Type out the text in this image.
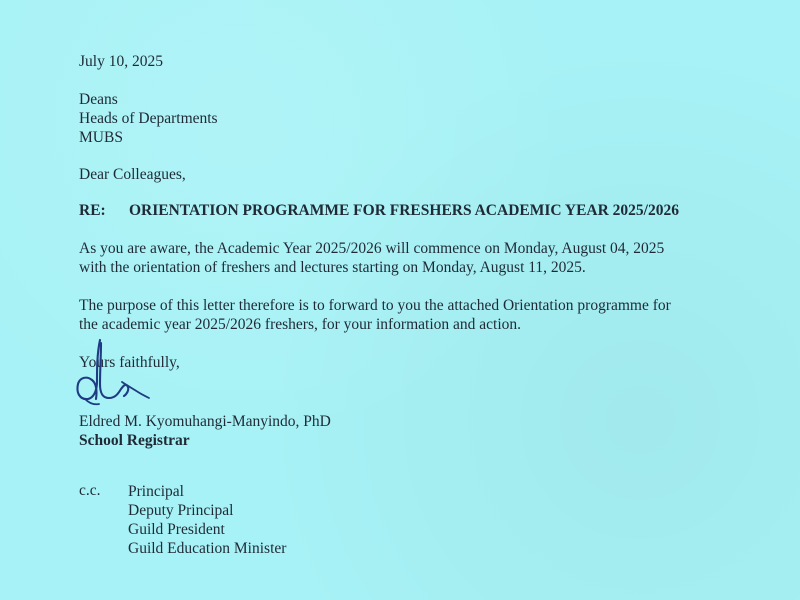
July 10, 2025
Deans
Heads of Departments
MUBS
Dear Colleagues,
RE: ORIENTATION PROGRAMME FOR FRESHERS ACADEMIC YEAR 2025/2026
As you are aware, the Academic Year 2025/2026 will commence on Monday, August 04, 2025
with the orientation of freshers and lectures starting on Monday, August 11, 2025.
The purpose of this letter therefore is to forward to you the attached Orientation programme for
the academic year 2025/2026 freshers, for your information and action.
Yours faithfully,
Eldred M. Kyomuhangi-Manyindo, PhD
School Registrar
c.c. Principal
Deputy Principal
Guild President
Guild Education Minister
